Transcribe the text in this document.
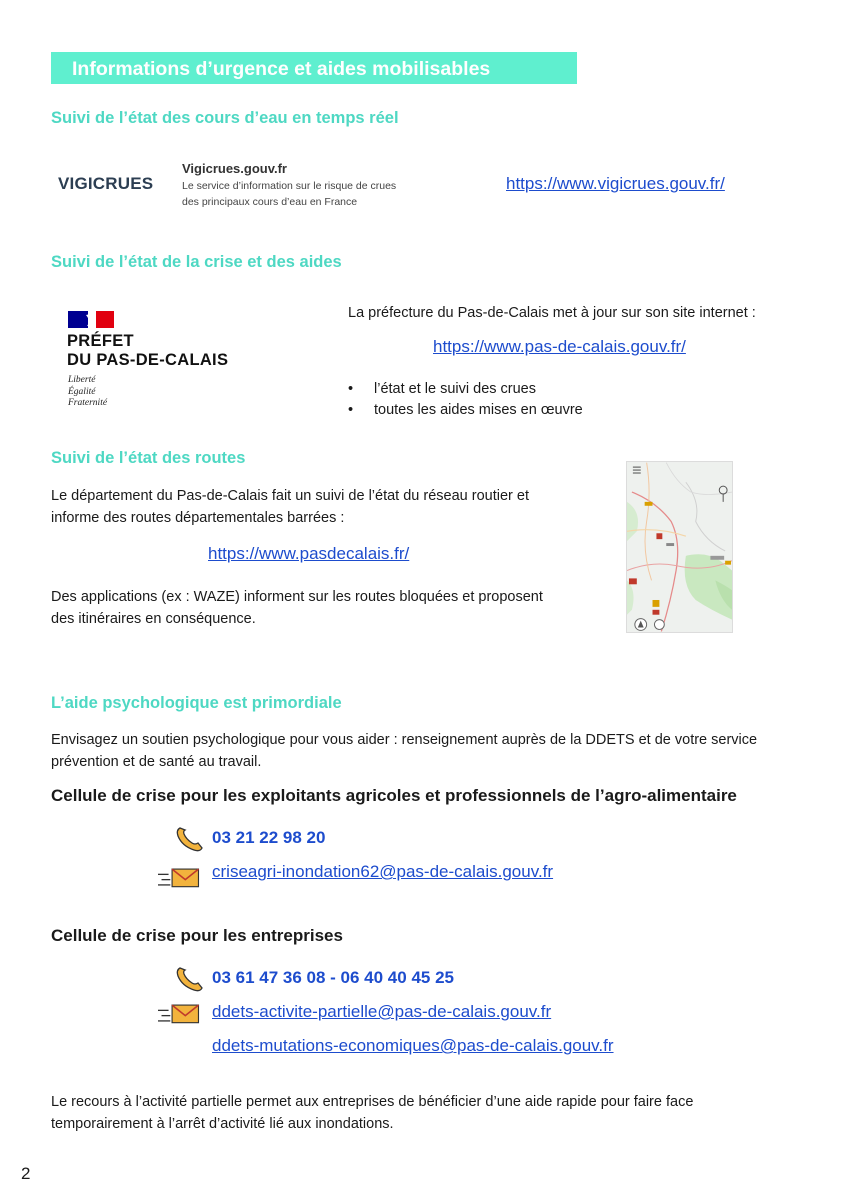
Informations d’urgence et aides mobilisables
Suivi de l’état des cours d’eau en temps réel
VIGICRUES
Vigicrues.gouv.fr
Le service d’information sur le risque de crues
des principaux cours d’eau en France
https://www.vigicrues.gouv.fr/
Suivi de l’état de la crise et des aides
PRÉFET
DU PAS-DE-CALAIS
Liberté
Égalité
Fraternité
La préfecture du Pas-de-Calais met à jour sur son site internet :
https://www.pas-de-calais.gouv.fr/
• l’état et le suivi des crues
• toutes les aides mises en œuvre
Suivi de l’état des routes
Le département du Pas-de-Calais fait un suivi de l’état du réseau routier et
informe des routes départementales barrées :
https://www.pasdecalais.fr/
Des applications (ex : WAZE) informent sur les routes bloquées et proposent
des itinéraires en conséquence.
L’aide psychologique est primordiale
Envisagez un soutien psychologique pour vous aider : renseignement auprès de la DDETS et de votre service
prévention et de santé au travail.
Cellule de crise pour les exploitants agricoles et professionnels de l’agro-alimentaire
03 21 22 98 20
criseagri-inondation62@pas-de-calais.gouv.fr
Cellule de crise pour les entreprises
03 61 47 36 08 - 06 40 40 45 25
ddets-activite-partielle@pas-de-calais.gouv.fr
ddets-mutations-economiques@pas-de-calais.gouv.fr
Le recours à l’activité partielle permet aux entreprises de bénéficier d’une aide rapide pour faire face
temporairement à l’arrêt d’activité lié aux inondations.
2
